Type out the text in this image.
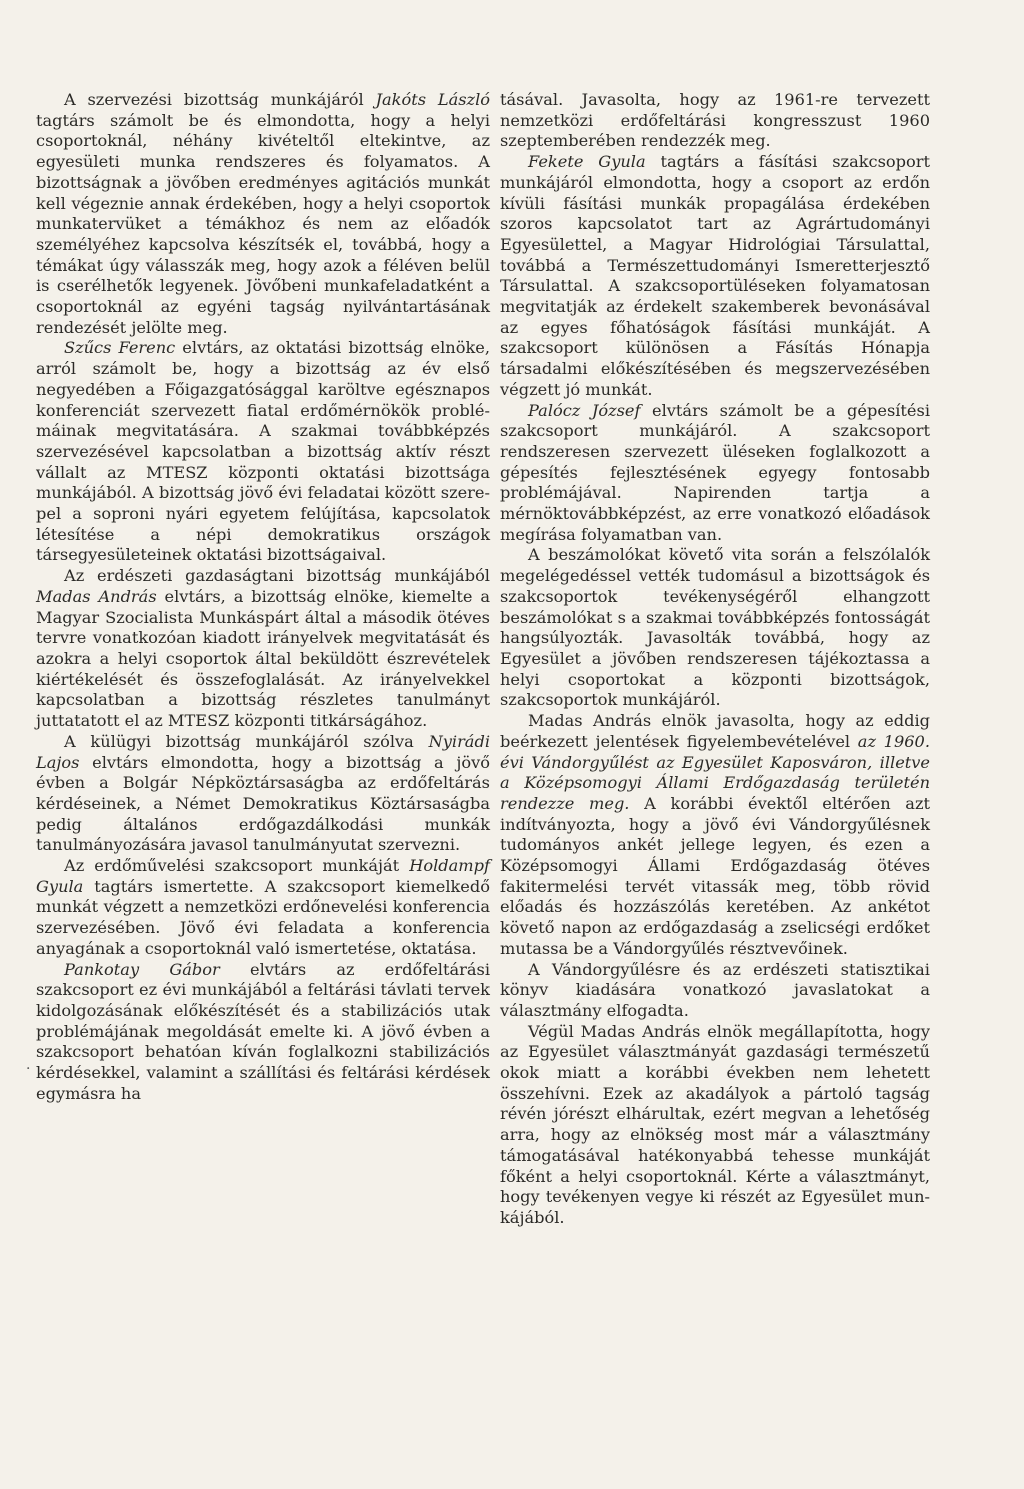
A szervezési bizottság munkájáról Jakóts László tagtárs számolt be és elmondotta, hogy a helyi csoportoknál, néhány kivételtől eltekintve, az egyesületi munka rendszeres és folyamatos. A bizottságnak a jövőben eredményes agitációs munkát kell végeznie annak érdekében, hogy a helyi csoportok munkatervüket a témákhoz és nem az előadók személyéhez kapcsolva készítsék el, továbbá, hogy a témákat úgy válasszák meg, hogy azok a féléven belül is cserélhetők legyenek. Jövőbeni munkafeladatként a csoportoknál az egyéni tagság nyilvántartásának rendezését jelölte meg.

Szűcs Ferenc elvtárs, az oktatási bizottság elnöke, arról számolt be, hogy a bizottság az év első negyedében a Főigazgatósággal karöltve egésznapos konferenciát szervezett fiatal erdőmérnökök problémáinak megvitatására. A szakmai továbbképzés szervezésével kapcsolatban a bizottság aktív részt vállalt az MTESZ központi oktatási bizottsága munkájából. A bizottság jövő évi feladatai között szerepel a soproni nyári egyetem felújítása, kapcsolatok létesítése a népi demokratikus országok társegyesületeinek oktatási bizottságaival.

Az erdészeti gazdaságtani bizottság munkájából Madas András elvtárs, a bizottság elnöke, kiemelte a Magyar Szocialista Munkáspárt által a második ötéves tervre vonatkozóan kiadott irányelvek megvitatását és azokra a helyi csoportok által beküldött észrevételek kiértékelését és összefoglalását. Az irányelvekkel kapcsolatban a bizottság részletes tanulmányt juttatatott el az MTESZ központi titkárságához.

A külügyi bizottság munkájáról szólva Nyirádi Lajos elvtárs elmondotta, hogy a bizottság a jövő évben a Bolgár Népköztársaságba az erdőfeltárás kérdéseinek, a Német Demokratikus Köztársaságba pedig általános erdőgazdálkodási munkák tanulmányozására javasol tanulmányutat szervezni.

Az erdőművelési szakcsoport munkáját Holdampf Gyula tagtárs ismertette. A szakcsoport kiemelkedő munkát végzett a nemzetközi erdőnevelési konferencia szervezésében. Jövő évi feladata a konferencia anyagának a csoportoknál való ismertetése, oktatása.

Pankotay Gábor elvtárs az erdőfeltárási szakcsoport ez évi munkájából a feltárási távlati tervek kidolgozásának előkészítését és a stabilizációs utak problémájának megoldását emelte ki. A jövő évben a szakcsoport behatóan kíván foglalkozni stabilizációs kérdésekkel, valamint a szállítási és feltárási kérdések egymásra ha

tásával. Javasolta, hogy az 1961-re tervezett nemzetközi erdőfeltárási kongresszust 1960 szeptemberében rendezzék meg.

Fekete Gyula tagtárs a fásítási szakcsoport munkájáról elmondotta, hogy a csoport az erdőn kívüli fásítási munkák propagálása érdekében szoros kapcsolatot tart az Agrártudományi Egyesülettel, a Magyar Hidrológiai Társulattal, továbbá a Természettudományi Ismeretterjesztő Társulattal. A szakcsoportüléseken folyamatosan megvitatják az érdekelt szakemberek bevonásával az egyes főhatóságok fásítási munkáját. A szakcsoport különösen a Fásítás Hónapja társadalmi előkészítésében és megszervezésében végzett jó munkát.

Palócz József elvtárs számolt be a gépesítési szakcsoport munkájáról. A szakcsoport rendszeresen szervezett üléseken foglalkozott a gépesítés fejlesztésének egyegy fontosabb problémájával. Napirenden tartja a mérnöktovábbképzést, az erre vonatkozó előadások megírása folyamatban van.

A beszámolókat követő vita során a felszólalók megelégedéssel vették tudomásul a bizottságok és szakcsoportok tevékenységéről elhangzott beszámolókat s a szakmai továbbképzés fontosságát hangsúlyozták. Javasolták továbbá, hogy az Egyesület a jövőben rendszeresen tájékoztassa a helyi csoportokat a központi bizottságok, szakcsoportok munkájáról.

Madas András elnök javasolta, hogy az eddig beérkezett jelentések figyelembevételével az 1960. évi Vándorgyűlést az Egyesület Kaposváron, illetve a Középsomogyi Állami Erdőgazdaság területén rendezze meg. A korábbi évektől eltérően azt indítványozta, hogy a jövő évi Vándorgyűlésnek tudományos ankét jellege legyen, és ezen a Középsomogyi Állami Erdőgazdaság ötéves fakitermelési tervét vitassák meg, több rövid előadás és hozzászólás keretében. Az ankétot követő napon az erdőgazdaság a zselicségi erdőket mutassa be a Vándorgyűlés résztvevőinek.

A Vándorgyűlésre és az erdészeti statisztikai könyv kiadására vonatkozó javaslatokat a választmány elfogadta.

Végül Madas András elnök megállapította, hogy az Egyesület választmányát gazdasági természetű okok miatt a korábbi években nem lehetett összehívni. Ezek az akadályok a pártoló tagság révén jórészt elhárultak, ezért megvan a lehetőség arra, hogy az elnökség most már a választmány támogatásával hatékonyabbá tehesse munkáját főként a helyi csoportoknál. Kérte a választmányt, hogy tevékenyen vegye ki részét az Egyesület munkájából.

·
